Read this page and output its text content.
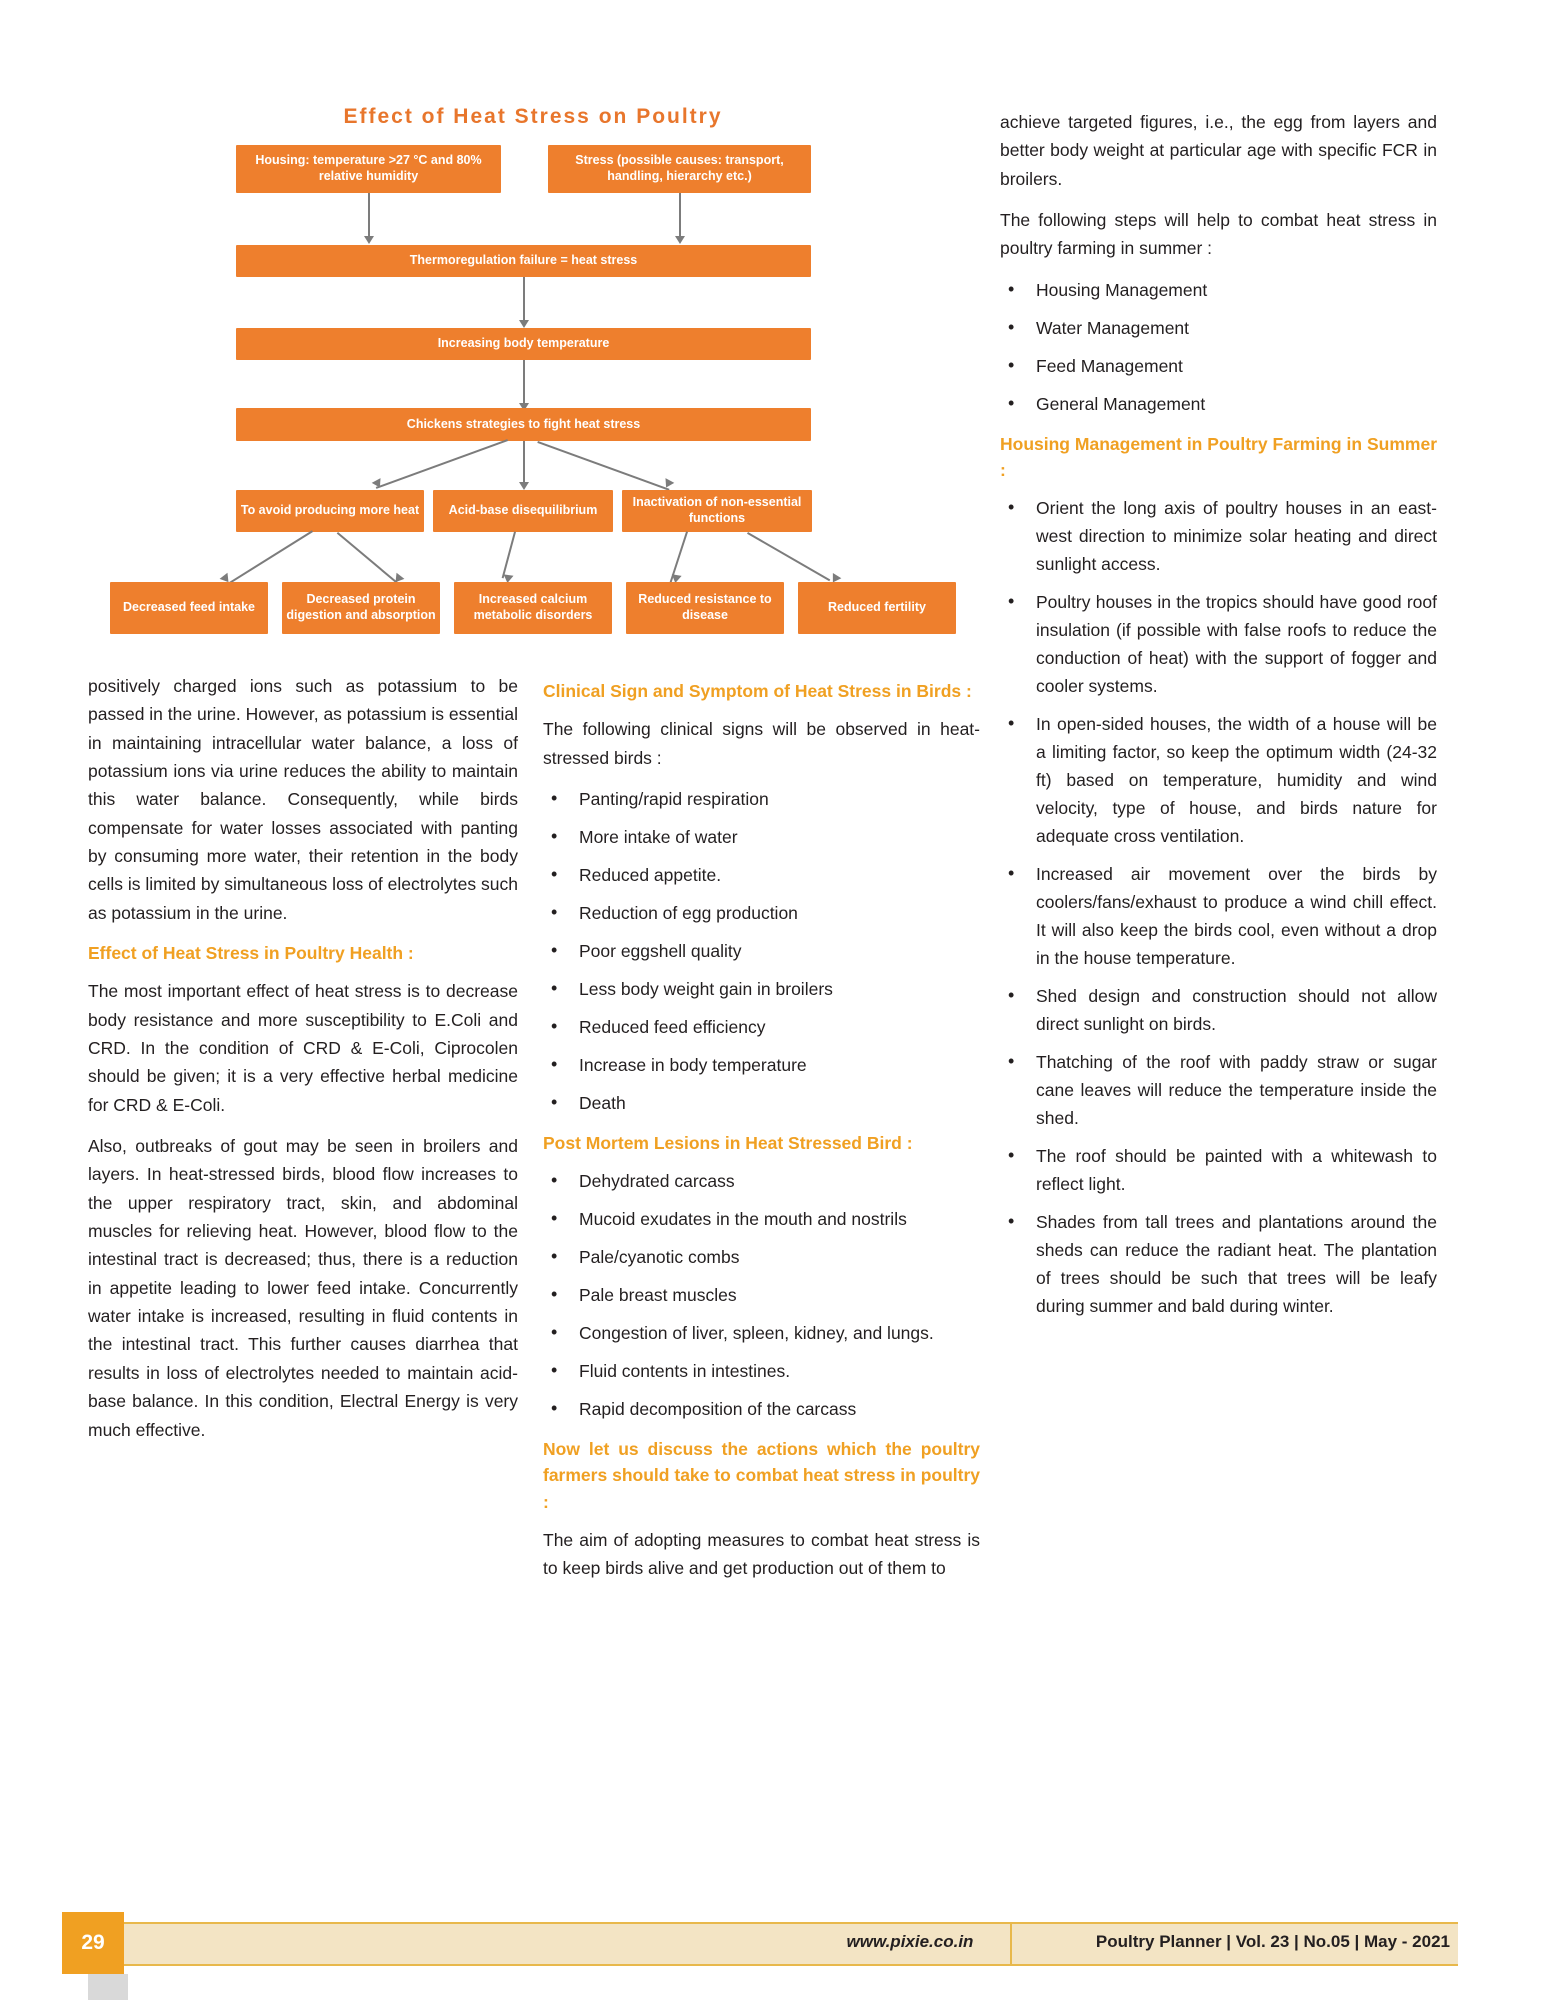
Effect of Heat Stress on Poultry
Housing: temperature >27 °C and 80% relative humidity
Stress (possible causes: transport, handling, hierarchy etc.)
Thermoregulation failure = heat stress
Increasing body temperature
Chickens strategies to fight heat stress
To avoid producing more heat	Acid-base disequilibrium
Inactivation of non-essential functions
Decreased feed intake
Decreased protein digestion and absorption
Increased calcium metabolic disorders
Reduced resistance to disease
Reduced fertility

positively charged ions such as potassium to be passed in the urine. However, as potassium is essential in maintaining intracellular water balance, a loss of potassium ions via urine reduces the ability to maintain this water balance. Consequently, while birds compensate for water losses associated with panting by consuming more water, their retention in the body cells is limited by simultaneous loss of electrolytes such as potassium in the urine.

Effect of Heat Stress in Poultry Health :

The most important effect of heat stress is to decrease body resistance and more susceptibility to E.Coli and CRD. In the condition of CRD & E-Coli, Ciprocolen should be given; it is a very effective herbal medicine for CRD & E-Coli.

Also, outbreaks of gout may be seen in broilers and layers. In heat-stressed birds, blood flow increases to the upper respiratory tract, skin, and abdominal muscles for relieving heat. However, blood flow to the intestinal tract is decreased; thus, there is a reduction in appetite leading to lower feed intake. Concurrently water intake is increased, resulting in fluid contents in the intestinal tract. This further causes diarrhea that results in loss of electrolytes needed to maintain acid-base balance. In this condition, Electral Energy is very much effective.

Clinical Sign and Symptom of Heat Stress in Birds :

The following clinical signs will be observed in heat-stressed birds :

• Panting/rapid respiration
• More intake of water
• Reduced appetite.
• Reduction of egg production
• Poor eggshell quality
• Less body weight gain in broilers
• Reduced feed efficiency
• Increase in body temperature
• Death
Post Mortem Lesions in Heat Stressed Bird :
• Dehydrated carcass
• Mucoid exudates in the mouth and nostrils
• Pale/cyanotic combs
• Pale breast muscles
• Congestion of liver, spleen, kidney, and lungs.
• Fluid contents in intestines.
• Rapid decomposition of the carcass
Now let us discuss the actions which the poultry farmers should take to combat heat stress in poultry :

The aim of adopting measures to combat heat stress is to keep birds alive and get production out of them to

achieve targeted figures, i.e., the egg from layers and better body weight at particular age with specific FCR in broilers.

The following steps will help to combat heat stress in poultry farming in summer :

• Housing Management
• Water Management
• Feed Management
• General Management
Housing Management in Poultry Farming in Summer :
• Orient the long axis of poultry houses in an east-west direction to minimize solar heating and direct sunlight access.
• Poultry houses in the tropics should have good roof insulation (if possible with false roofs to reduce the conduction of heat) with the support of fogger and cooler systems.
• In open-sided houses, the width of a house will be a limiting factor, so keep the optimum width (24-32 ft) based on temperature, humidity and wind velocity, type of house, and birds nature for adequate cross ventilation.
• Increased air movement over the birds by coolers/fans/exhaust to produce a wind chill effect. It will also keep the birds cool, even without a drop in the house temperature.
• Shed design and construction should not allow direct sunlight on birds.
• Thatching of the roof with paddy straw or sugar cane leaves will reduce the temperature inside the shed.
• The roof should be painted with a whitewash to reflect light.
• Shades from tall trees and plantations around the sheds can reduce the radiant heat. The plantation of trees should be such that trees will be leafy during summer and bald during winter.
29	www.pixie.co.in	Poultry Planner | Vol. 23 | No.05 | May - 2021
